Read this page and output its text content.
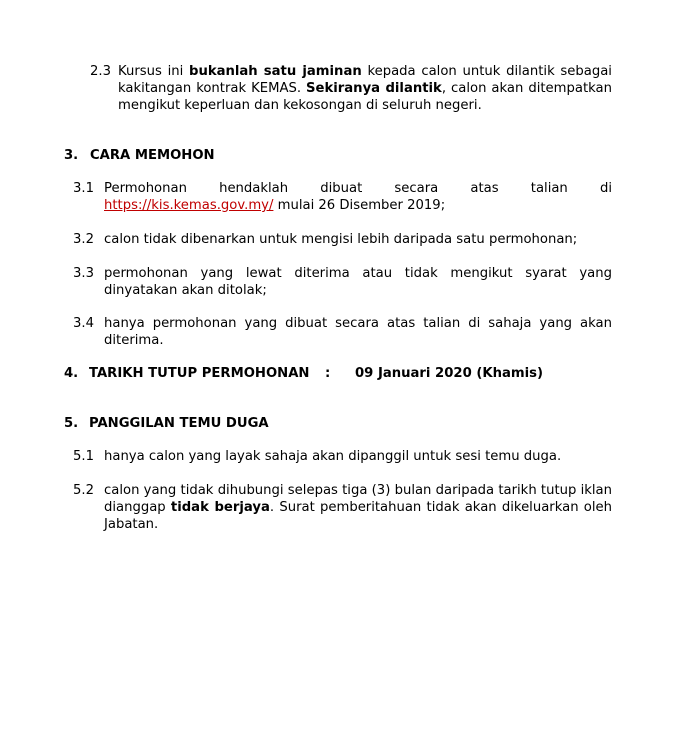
2.3 Kursus ini bukanlah satu jaminan kepada calon untuk dilantik sebagai kakitangan kontrak KEMAS. Sekiranya dilantik, calon akan ditempatkan mengikut keperluan dan kekosongan di seluruh negeri.
3. CARA MEMOHON
3.1 Permohonan hendaklah dibuat secara atas talian di https://kis.kemas.gov.my/ mulai 26 Disember 2019;
3.2 calon tidak dibenarkan untuk mengisi lebih daripada satu permohonan;
3.3 permohonan yang lewat diterima atau tidak mengikut syarat yang dinyatakan akan ditolak;
3.4 hanya permohonan yang dibuat secara atas talian di sahaja yang akan diterima.
4. TARIKH TUTUP PERMOHONAN : 09 Januari 2020 (Khamis)
5. PANGGILAN TEMU DUGA
5.1 hanya calon yang layak sahaja akan dipanggil untuk sesi temu duga.
5.2 calon yang tidak dihubungi selepas tiga (3) bulan daripada tarikh tutup iklan dianggap tidak berjaya. Surat pemberitahuan tidak akan dikeluarkan oleh Jabatan.
